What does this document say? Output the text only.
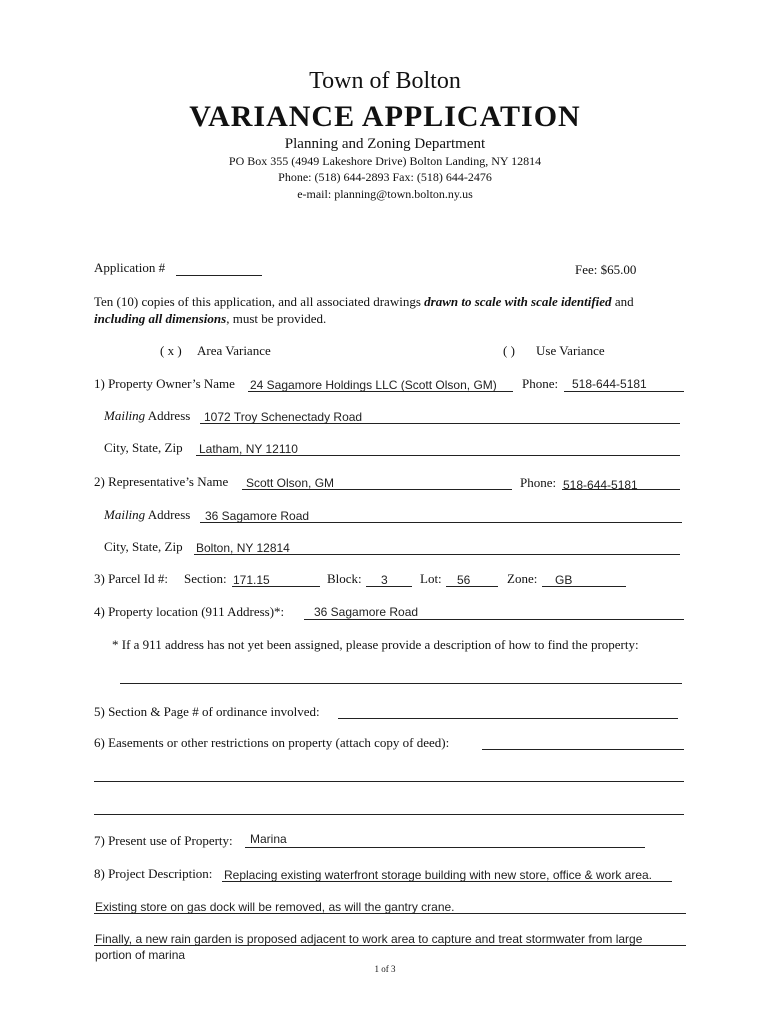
Town of Bolton
VARIANCE APPLICATION
Planning and Zoning Department
PO Box 355 (4949 Lakeshore Drive) Bolton Landing, NY 12814
Phone: (518) 644-2893 Fax: (518) 644-2476
e-mail: planning@town.bolton.ny.us
Application #	Fee: $65.00
Ten (10) copies of this application, and all associated drawings drawn to scale with scale identified and
including all dimensions, must be provided.
( x ) Area Variance	( ) Use Variance
1) Property Owner’s Name 24 Sagamore Holdings LLC (Scott Olson, GM) Phone: 518-644-5181
Mailing Address 1072 Troy Schenectady Road
City, State, Zip Latham, NY 12110
2) Representative’s Name Scott Olson, GM	Phone: 518-644-5181
Mailing Address 36 Sagamore Road
City, State, Zip Bolton, NY 12814
3) Parcel Id #: Section: 171.15	Block: 3 Lot: 56	Zone: GB
4) Property location (911 Address)*: 36 Sagamore Road
* If a 911 address has not yet been assigned, please provide a description of how to find the property:
5) Section & Page # of ordinance involved:
6) Easements or other restrictions on property (attach copy of deed):
7) Present use of Property: Marina
8) Project Description: Replacing existing waterfront storage building with new store, office & work area.
Existing store on gas dock will be removed, as will the gantry crane.
Finally, a new rain garden is proposed adjacent to work area to capture and treat stormwater from large
portion of marina
1 of 3
